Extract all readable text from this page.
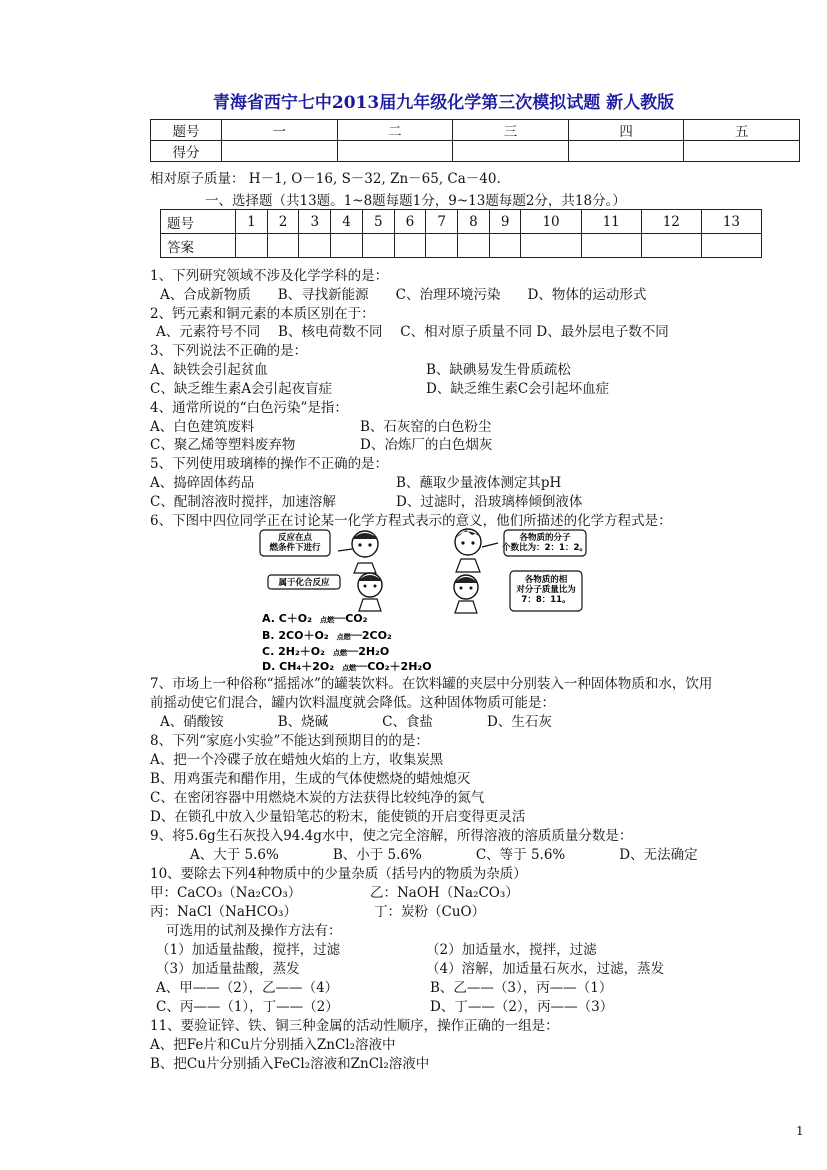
青海省西宁七中2013届九年级化学第三次模拟试题 新人教版
题号	一	二	三	四	五
得分					
相对原子质量： H－1, O－16, S－32, Zn－65, Ca－40.
一、选择题（共13题。1~8题每题1分，9~13题每题2分，共18分。）
题号	1	2	3	4	5	6	7	8	9	10	11	12	13
答案													
1、下列研究领域不涉及化学学科的是：
A、合成新物质　　B、寻找新能源　　C、治理环境污染　　D、物体的运动形式
2、钙元素和铜元素的本质区别在于：
A、元素符号不同　 B、核电荷数不同　 C、相对原子质量不同 D、最外层电子数不同
3、下列说法不正确的是：
A、缺铁会引起贫血	B、缺碘易发生骨质疏松
C、缺乏维生素A会引起夜盲症	D、缺乏维生素C会引起坏血症
4、通常所说的“白色污染”是指：
A、白色建筑废料	B、石灰窑的白色粉尘
C、聚乙烯等塑料废弃物	D、冶炼厂的白色烟灰
5、下列使用玻璃棒的操作不正确的是：
A、捣碎固体药品	B、蘸取少量液体测定其pH
C、配制溶液时搅拌，加速溶解	D、过滤时，沿玻璃棒倾倒液体
6、下图中四位同学正在讨论某一化学方程式表示的意义，他们所描述的化学方程式是：
反应在点燃条件下进行
各物质的分子个数比为：2：1：2。
属于化合反应	各物质的相对分子质量比为 7：8：11。
A. C＋O₂ 点燃──CO₂
B. 2CO＋O₂ 点燃──2CO₂
C. 2H₂＋O₂ 点燃──2H₂O
D. CH₄＋2O₂ 点燃──CO₂＋2H₂O
7、市场上一种俗称“摇摇冰”的罐装饮料。在饮料罐的夹层中分别装入一种固体物质和水，饮用
前摇动使它们混合，罐内饮料温度就会降低。这种固体物质可能是：
A、硝酸铵　　　　B、烧碱　　　　C、食盐　　　　D、生石灰
8、下列“家庭小实验”不能达到预期目的的是：
A、把一个冷碟子放在蜡烛火焰的上方，收集炭黑
B、用鸡蛋壳和醋作用，生成的气体使燃烧的蜡烛熄灭
C、在密闭容器中用燃烧木炭的方法获得比较纯净的氮气
D、在锁孔中放入少量铅笔芯的粉末，能使锁的开启变得更灵活
9、将5.6g生石灰投入94.4g水中，使之完全溶解，所得溶液的溶质质量分数是：
A、大于 5.6%　　　　B、小于 5.6%　　　　C、等于 5.6%　　　　D、无法确定
10、要除去下列4种物质中的少量杂质（括号内的物质为杂质）
甲：CaCO₃（Na₂CO₃）	乙：NaOH（Na₂CO₃）
丙：NaCl（NaHCO₃）	丁：炭粉（CuO）
可选用的试剂及操作方法有：
（1）加适量盐酸，搅拌，过滤	（2）加适量水，搅拌，过滤
（3）加适量盐酸，蒸发	（4）溶解，加适量石灰水，过滤，蒸发
A、甲——（2），乙——（4）	B、乙——（3），丙——（1）
C、丙——（1），丁——（2）	D、丁——（2），丙——（3）
11、要验证锌、铁、铜三种金属的活动性顺序，操作正确的一组是：
A、把Fe片和Cu片分别插入ZnCl₂溶液中
B、把Cu片分别插入FeCl₂溶液和ZnCl₂溶液中
1
